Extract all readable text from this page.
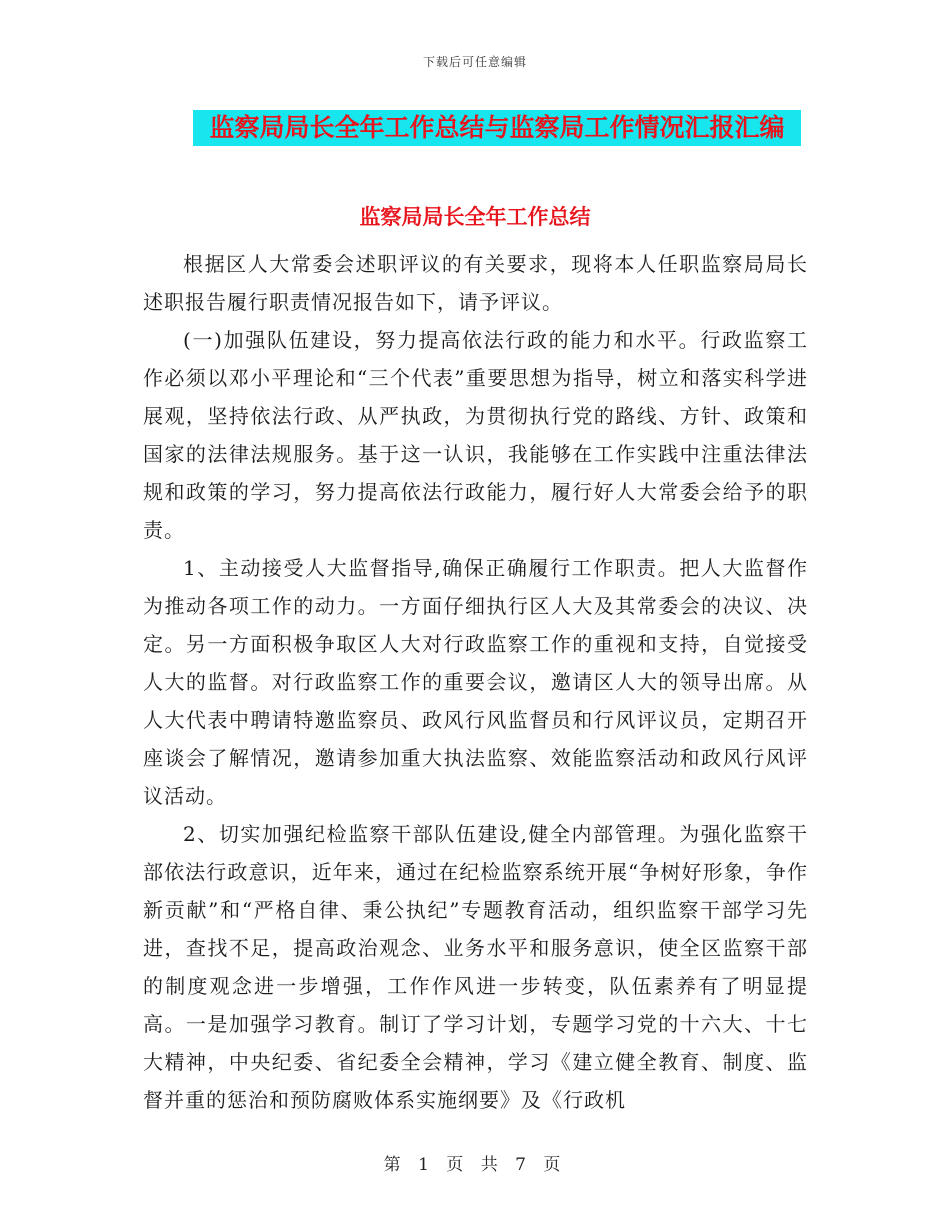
下载后可任意编辑
监察局局长全年工作总结与监察局工作情况汇报汇编
监察局局长全年工作总结

根据区人大常委会述职评议的有关要求，现将本人任职监察局局长述职报告履行职责情况报告如下，请予评议。

(一)加强队伍建设，努力提高依法行政的能力和水平。行政监察工作必须以邓小平理论和“三个代表”重要思想为指导，树立和落实科学进展观，坚持依法行政、从严执政，为贯彻执行党的路线、方针、政策和国家的法律法规服务。基于这一认识，我能够在工作实践中注重法律法规和政策的学习，努力提高依法行政能力，履行好人大常委会给予的职责。

1、主动接受人大监督指导,确保正确履行工作职责。把人大监督作为推动各项工作的动力。一方面仔细执行区人大及其常委会的决议、决定。另一方面积极争取区人大对行政监察工作的重视和支持，自觉接受人大的监督。对行政监察工作的重要会议，邀请区人大的领导出席。从人大代表中聘请特邀监察员、政风行风监督员和行风评议员，定期召开座谈会了解情况，邀请参加重大执法监察、效能监察活动和政风行风评议活动。

2、切实加强纪检监察干部队伍建设,健全内部管理。为强化监察干部依法行政意识，近年来，通过在纪检监察系统开展“争树好形象，争作新贡献”和“严格自律、秉公执纪”专题教育活动，组织监察干部学习先进，查找不足，提高政治观念、业务水平和服务意识，使全区监察干部的制度观念进一步增强，工作作风进一步转变，队伍素养有了明显提高。一是加强学习教育。制订了学习计划，专题学习党的十六大、十七大精神，中央纪委、省纪委全会精神，学习《建立健全教育、制度、监督并重的惩治和预防腐败体系实施纲要》及《行政机

第 1 页 共 7 页
